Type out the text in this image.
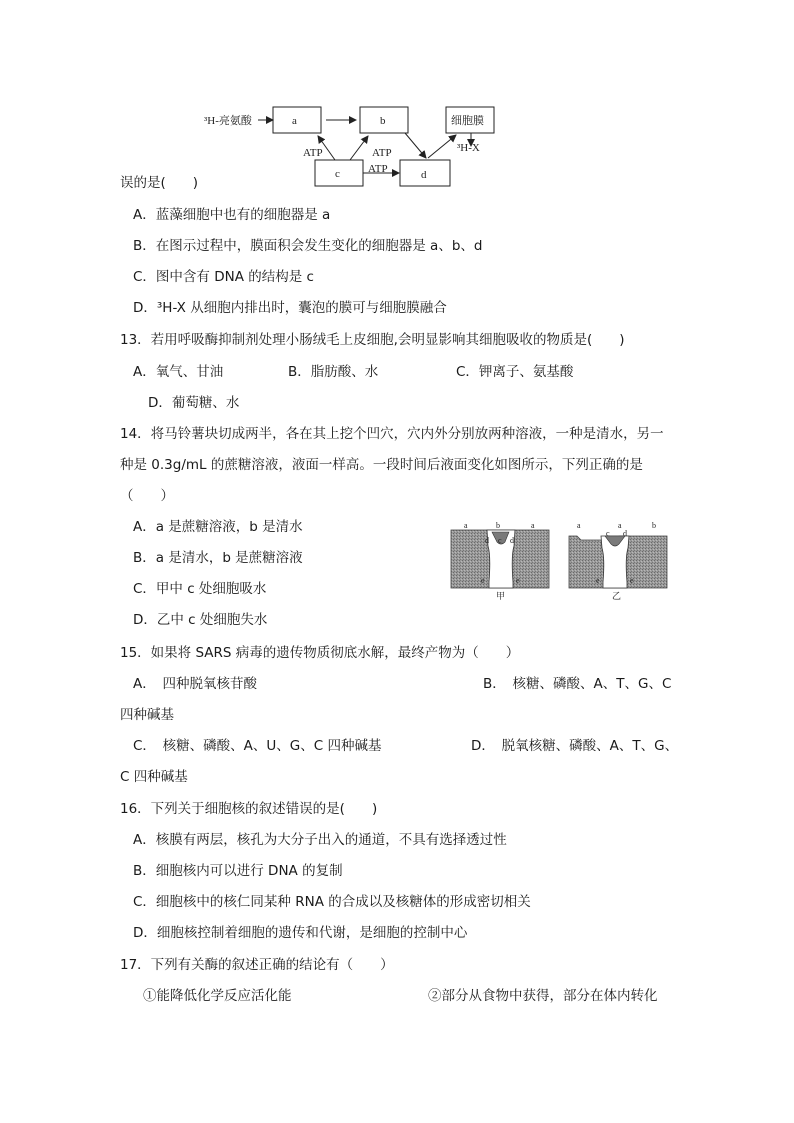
³H-亮氨酸	a	b	细胞膜
c	d
ATP	ATP
ATP
³H-X
误的是(　　)
A．蓝藻细胞中也有的细胞器是 a
B．在图示过程中，膜面积会发生变化的细胞器是 a、b、d
C．图中含有 DNA 的结构是 c
D．³H-X 从细胞内排出时，囊泡的膜可与细胞膜融合
13．若用呼吸酶抑制剂处理小肠绒毛上皮细胞,会明显影响其细胞吸收的物质是(　　)
A．氧气、甘油	B．脂肪酸、水	C．钾离子、氨基酸
D．葡萄糖、水
14．将马铃薯块切成两半，各在其上挖个凹穴，穴内外分别放两种溶液，一种是清水，另一
种是 0.3g/mL 的蔗糖溶液，液面一样高。一段时间后液面变化如图所示，下列正确的是
（　　）
A．a 是蔗糖溶液，b 是清水
B．a 是清水，b 是蔗糖溶液
C．甲中 c 处细胞吸水
D．乙中 c 处细胞失水
a	b	a
d c d
e	e
a	a	b
c d
e	e
甲	乙
15．如果将 SARS 病毒的遗传物质彻底水解，最终产物为（　　）
A．　四种脱氧核苷酸	B．　核糖、磷酸、A、T、G、C
四种碱基
C．　核糖、磷酸、A、U、G、C 四种碱基	D．　脱氧核糖、磷酸、A、T、G、
C 四种碱基
16．下列关于细胞核的叙述错误的是(　　)
A．核膜有两层，核孔为大分子出入的通道，不具有选择透过性
B．细胞核内可以进行 DNA 的复制
C．细胞核中的核仁同某种 RNA 的合成以及核糖体的形成密切相关
D．细胞核控制着细胞的遗传和代谢，是细胞的控制中心
17．下列有关酶的叙述正确的结论有（　　）
①能降低化学反应活化能	②部分从食物中获得，部分在体内转化
